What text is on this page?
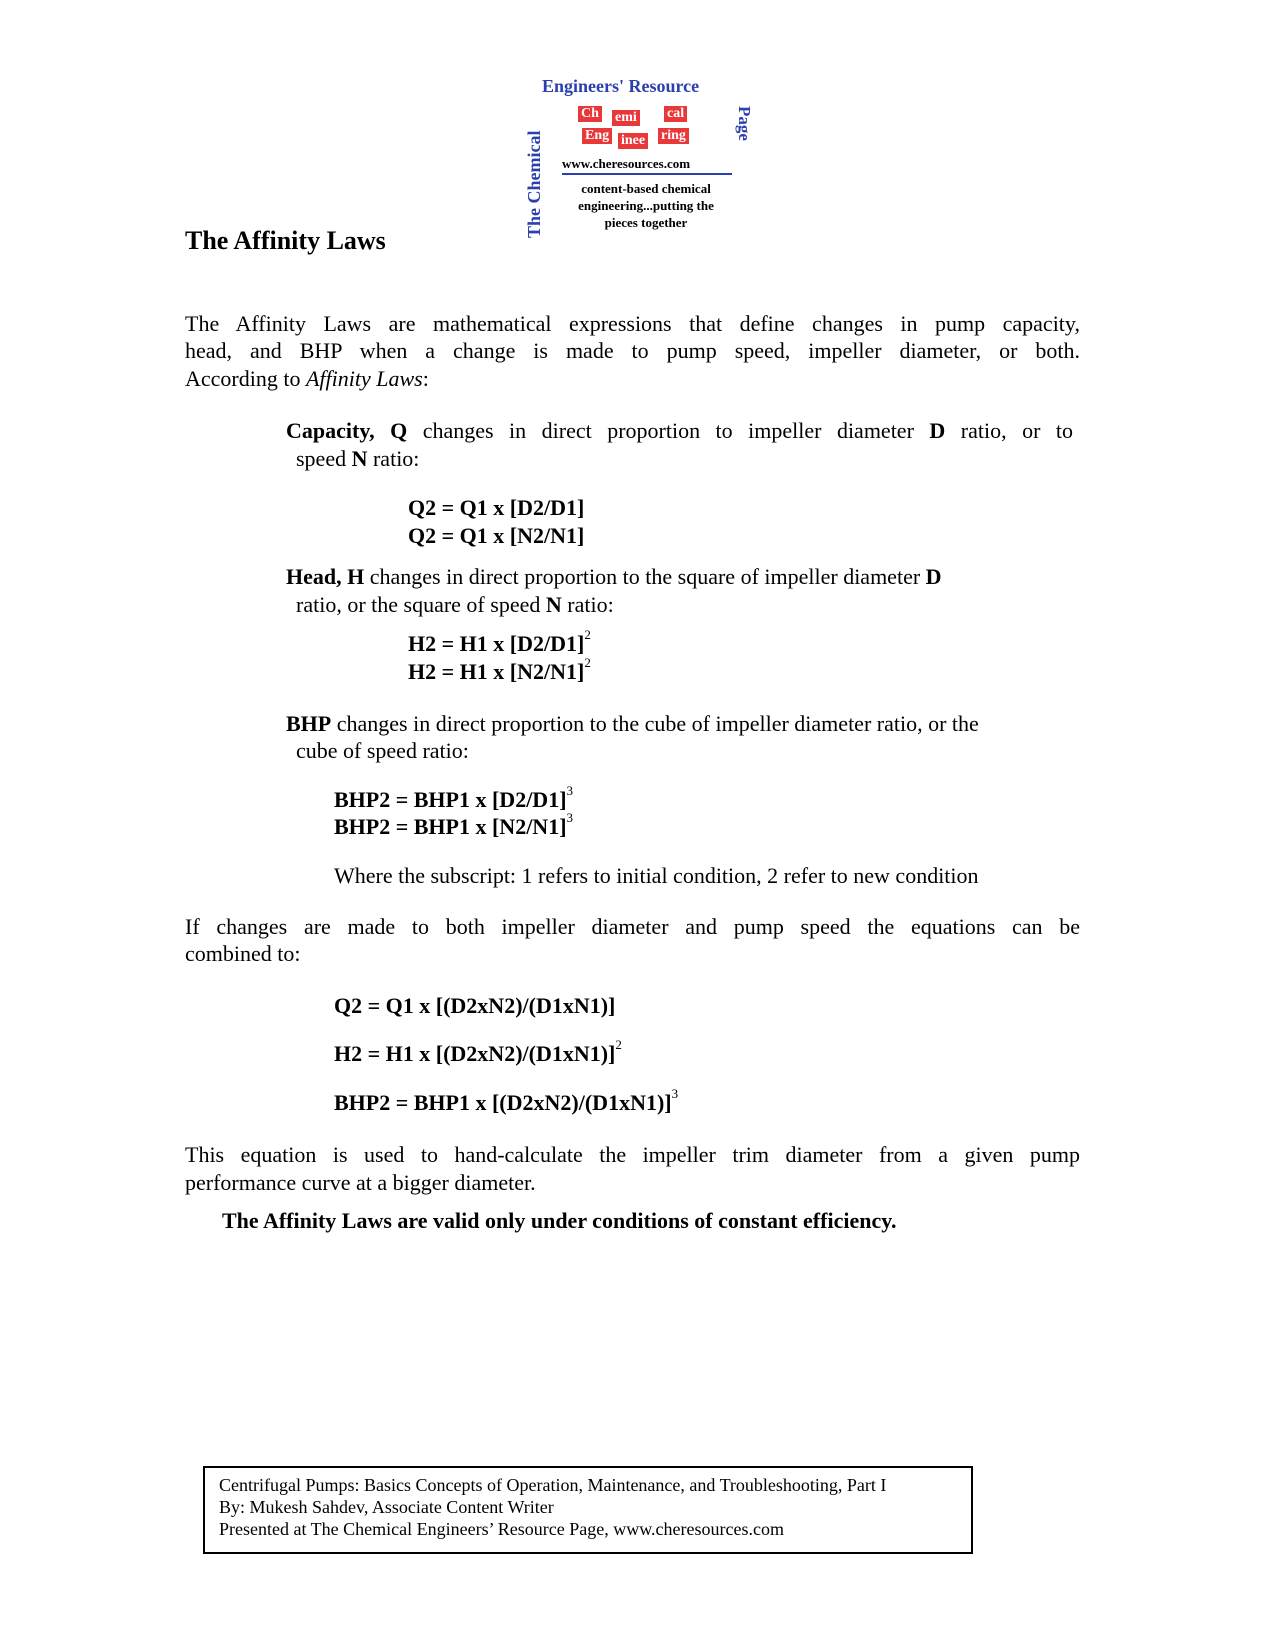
Engineers' Resource
The Chemical
Page
Ch emi cal
Eng inee ring
www.cheresources.com
content-based chemical
engineering...putting the
pieces together
The Affinity Laws
The Affinity Laws are mathematical expressions that define changes in pump capacity,
head, and BHP when a change is made to pump speed, impeller diameter, or both.
According to Affinity Laws:
Capacity, Q changes in direct proportion to impeller diameter D ratio, or to
speed N ratio:
Q2 = Q1 x [D2/D1]
Q2 = Q1 x [N2/N1]
Head, H changes in direct proportion to the square of impeller diameter D
ratio, or the square of speed N ratio:
H2 = H1 x $[D2/D1]^2$
H2 = H1 x $[N2/N1]^2$
BHP changes in direct proportion to the cube of impeller diameter ratio, or the
cube of speed ratio:
BHP2 = BHP1 x $[D2/D1]^3$
BHP2 = BHP1 x $[N2/N1]^3$
Where the subscript: 1 refers to initial condition, 2 refer to new condition
If changes are made to both impeller diameter and pump speed the equations can be
combined to:
Q2 = Q1 x [(D2xN2)/(D1xN1)]
H2 = H1 x $[(D2xN2)/(D1xN1)]^2$
BHP2 = BHP1 x $[(D2xN2)/(D1xN1)]^3$
This equation is used to hand-calculate the impeller trim diameter from a given pump
performance curve at a bigger diameter.
The Affinity Laws are valid only under conditions of constant efficiency.
Centrifugal Pumps: Basics Concepts of Operation, Maintenance, and Troubleshooting, Part I
By: Mukesh Sahdev, Associate Content Writer
Presented at The Chemical Engineers’ Resource Page, www.cheresources.com
